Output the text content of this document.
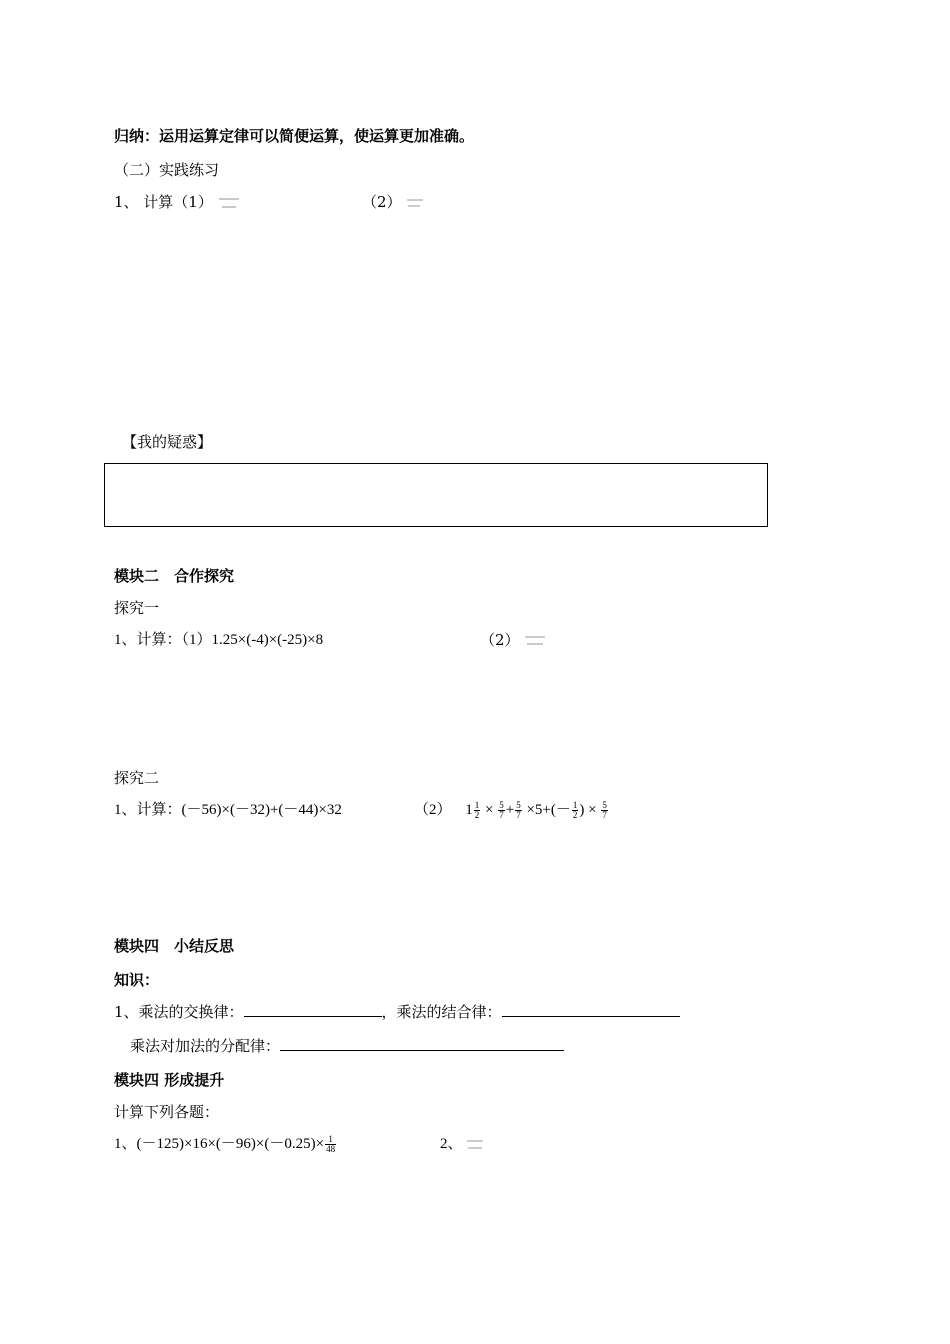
归纳：运用运算定律可以简便运算，使运算更加准确。
（二）实践练习
1、 计算（1）	（2）
【我的疑惑】
模块二　合作探究
探究一
1、计算：（1）1.25×(-4)×(-25)×8	（2）
探究二
1、计算：(－56)×(－32)+(－44)×32	（2） $1 \frac{1}{2} \times \frac{5}{7} + \frac{5}{7} \times 5+(- \frac{1}{2}$ ) × $\frac{5}{7}$
模块四　小结反思
知识：
1、乘法的交换律：	，乘法的结合律：
乘法对加法的分配律：
模块四 形成提升
计算下列各题：
1、$(-125)\times 16\times(-96)\times(-0.25)\times \frac{1}{48}$	2、
